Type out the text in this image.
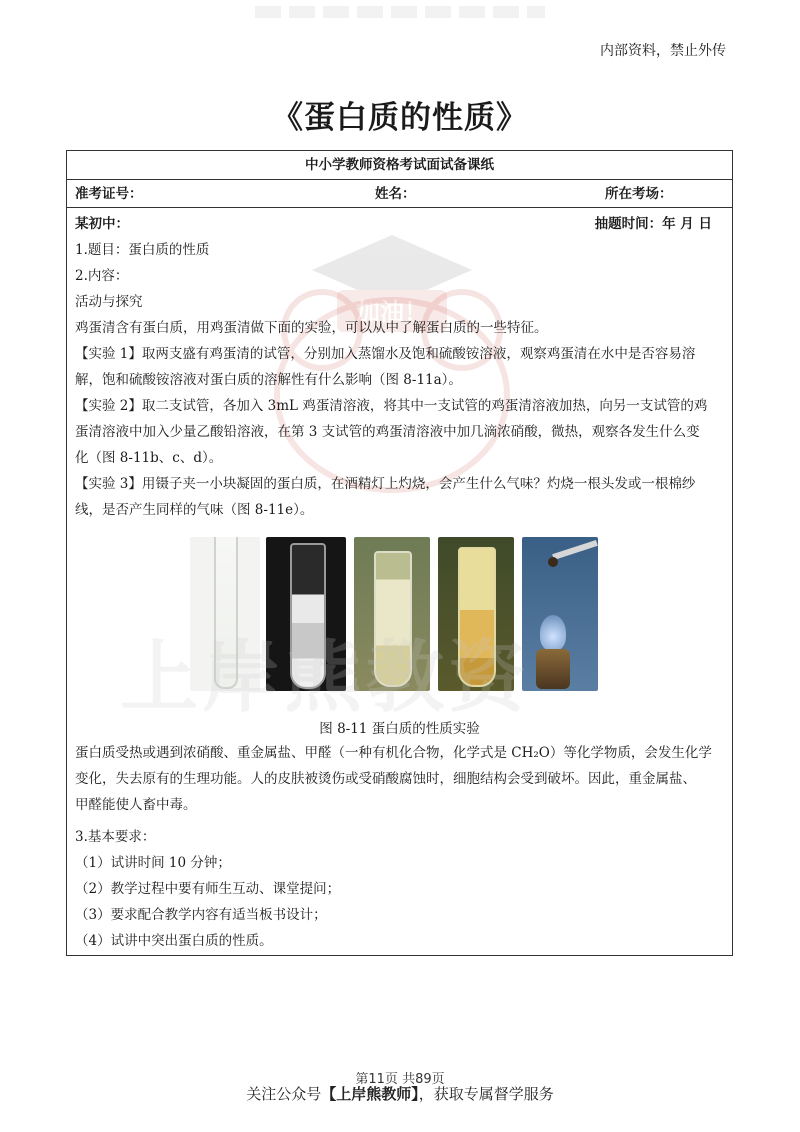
内部资料，禁止外传
《蛋白质的性质》
加油！
中小学教师资格考试面试备课纸
准考证号：	姓名：	所在考场：
某初中：	抽题时间：年 月 日
1.题目：蛋白质的性质
2.内容：
活动与探究
鸡蛋清含有蛋白质，用鸡蛋清做下面的实验，可以从中了解蛋白质的一些特征。
【实验 1】取两支盛有鸡蛋清的试管，分别加入蒸馏水及饱和硫酸铵溶液，观察鸡蛋清在水中是否容易溶
解，饱和硫酸铵溶液对蛋白质的溶解性有什么影响（图 8-11a）。
【实验 2】取二支试管，各加入 3mL 鸡蛋清溶液，将其中一支试管的鸡蛋清溶液加热，向另一支试管的鸡
蛋清溶液中加入少量乙酸铅溶液，在第 3 支试管的鸡蛋清溶液中加几滴浓硝酸，微热，观察各发生什么变
化（图 8-11b、c、d）。
【实验 3】用镊子夹一小块凝固的蛋白质，在酒精灯上灼烧，会产生什么气味？灼烧一根头发或一根棉纱
线，是否产生同样的气味（图 8-11e）。
图 8-11 蛋白质的性质实验
蛋白质受热或遇到浓硝酸、重金属盐、甲醛（一种有机化合物，化学式是 CH₂O）等化学物质，会发生化学
变化，失去原有的生理功能。人的皮肤被烫伤或受硝酸腐蚀时，细胞结构会受到破坏。因此，重金属盐、
甲醛能使人畜中毒。
3.基本要求：
（1）试讲时间 10 分钟；
（2）教学过程中要有师生互动、课堂提问；
（3）要求配合教学内容有适当板书设计；
（4）试讲中突出蛋白质的性质。
上岸熊教资
第11页 共89页
关注公众号【上岸熊教师】，获取专属督学服务
